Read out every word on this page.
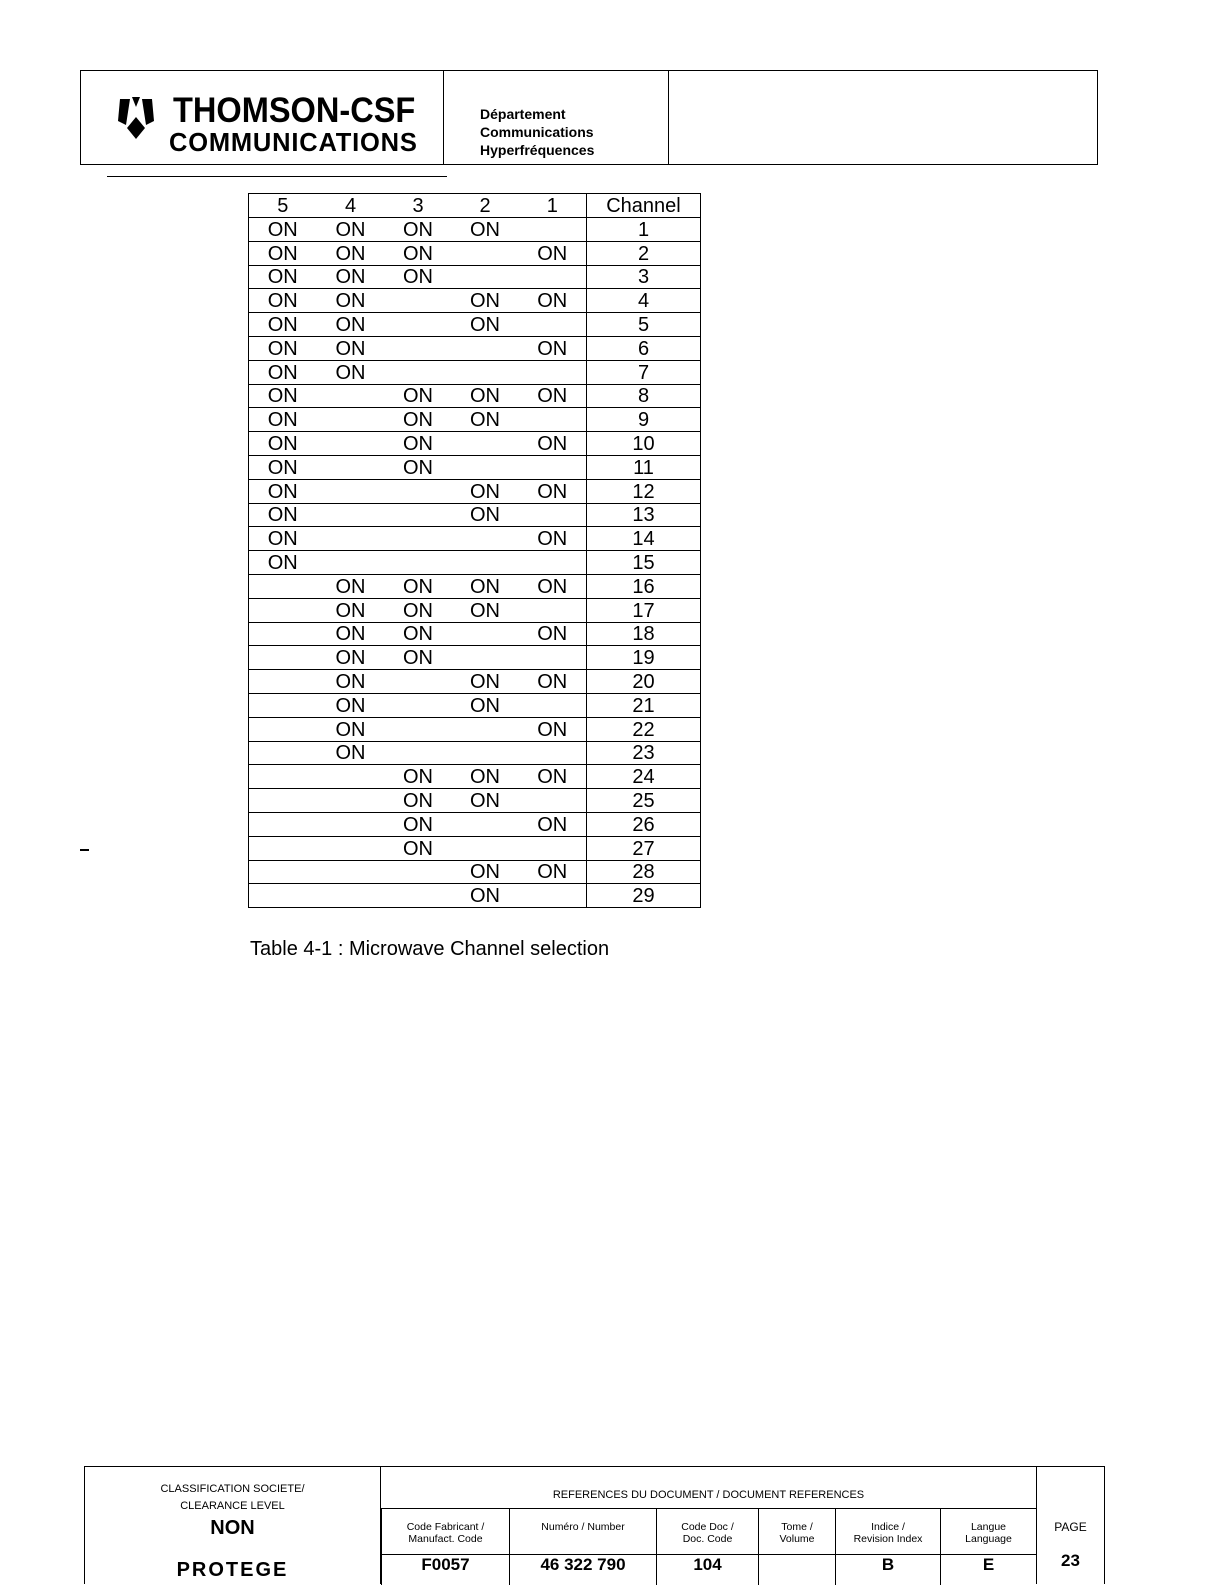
THOMSON-CSF
COMMUNICATIONS
Département
Communications
Hyperfréquences
5	4	3	2	1	Channel
ON	ON	ON	ON		1
ON	ON	ON		ON	2
ON	ON	ON			3
ON	ON		ON	ON	4
ON	ON		ON		5
ON	ON			ON	6
ON	ON				7
ON		ON	ON	ON	8
ON		ON	ON		9
ON		ON		ON	10
ON		ON			11
ON			ON	ON	12
ON			ON		13
ON				ON	14
ON					15
	ON	ON	ON	ON	16
	ON	ON	ON		17
	ON	ON		ON	18
	ON	ON			19
	ON		ON	ON	20
	ON		ON		21
	ON			ON	22
	ON				23
		ON	ON	ON	24
		ON	ON		25
		ON		ON	26
		ON			27
			ON	ON	28
			ON		29
Table 4-1 : Microwave Channel selection
CLASSIFICATION SOCIETE/
CLEARANCE LEVEL
NON
PROTEGE
REFERENCES DU DOCUMENT / DOCUMENT REFERENCES
Code Fabricant /
Manufact. Code
F0057
Numéro / Number
46 322 790
Code Doc /
Doc. Code
104
Tome /
Volume
Indice /
Revision Index
B
Langue
Language
E
PAGE
23
